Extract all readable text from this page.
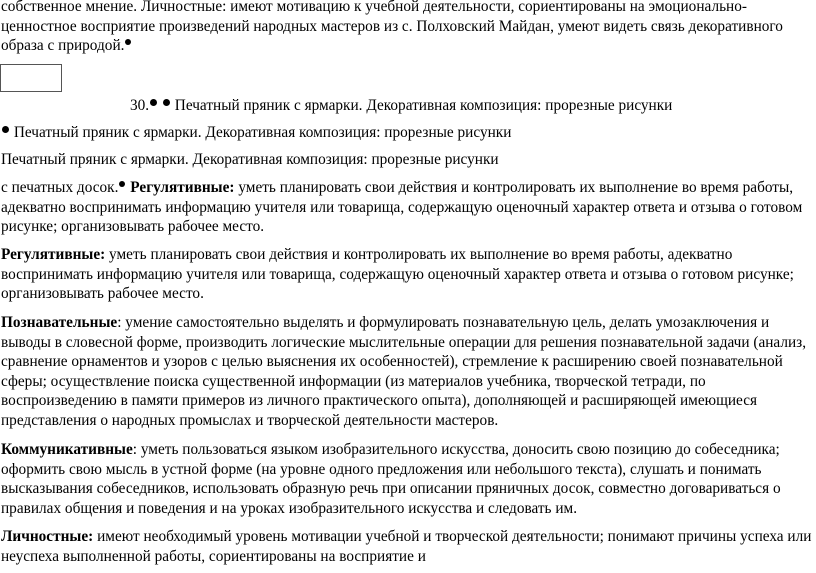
собственное мнение. Личностные: имеют мотивацию к учебной деятельности, сориентированы на эмоционально-ценностное восприятие произведений народных мастеров из с. Полховский Майдан, умеют видеть связь декоративного образа с природой.

30. Печатный пряник с ярмарки. Декоративная композиция: прорезные рисунки

Печатный пряник с ярмарки. Декоративная композиция: прорезные рисунки

Печатный пряник с ярмарки. Декоративная композиция: прорезные рисунки

с печатных досок. Регулятивные: уметь планировать свои действия и контролировать их выполнение во время работы, адекватно воспринимать информацию учителя или товарища, содержащую оценочный характер ответа и отзыва о готовом рисунке; организовывать рабочее место.

Регулятивные: уметь планировать свои действия и контролировать их выполнение во время работы, адекватно воспринимать информацию учителя или товарища, содержащую оценочный характер ответа и отзыва о готовом рисунке; организовывать рабочее место.

Познавательные: умение самостоятельно выделять и формулировать познавательную цель, делать умозаключения и выводы в словесной форме, производить логические мыслительные операции для решения познавательной задачи (анализ, сравнение орнаментов и узоров с целью выяснения их особенностей), стремление к расширению своей познавательной сферы; осуществление поиска существенной информации (из материалов учебника, творческой тетради, по воспроизведению в памяти примеров из личного практического опыта), дополняющей и расширяющей имеющиеся представления о народных промыслах и творческой деятельности мастеров.

Коммуникативные: уметь пользоваться языком изобразительного искусства, доносить свою позицию до собеседника; оформить свою мысль в устной форме (на уровне одного предложения или небольшого текста), слушать и понимать высказывания собеседников, использовать образную речь при описании пряничных досок, совместно договариваться о правилах общения и поведения и на уроках изобразительного искусства и следовать им.

Личностные: имеют необходимый уровень мотивации учебной и творческой деятельности; понимают причины успеха или неуспеха выполненной работы, сориентированы на восприятие и
